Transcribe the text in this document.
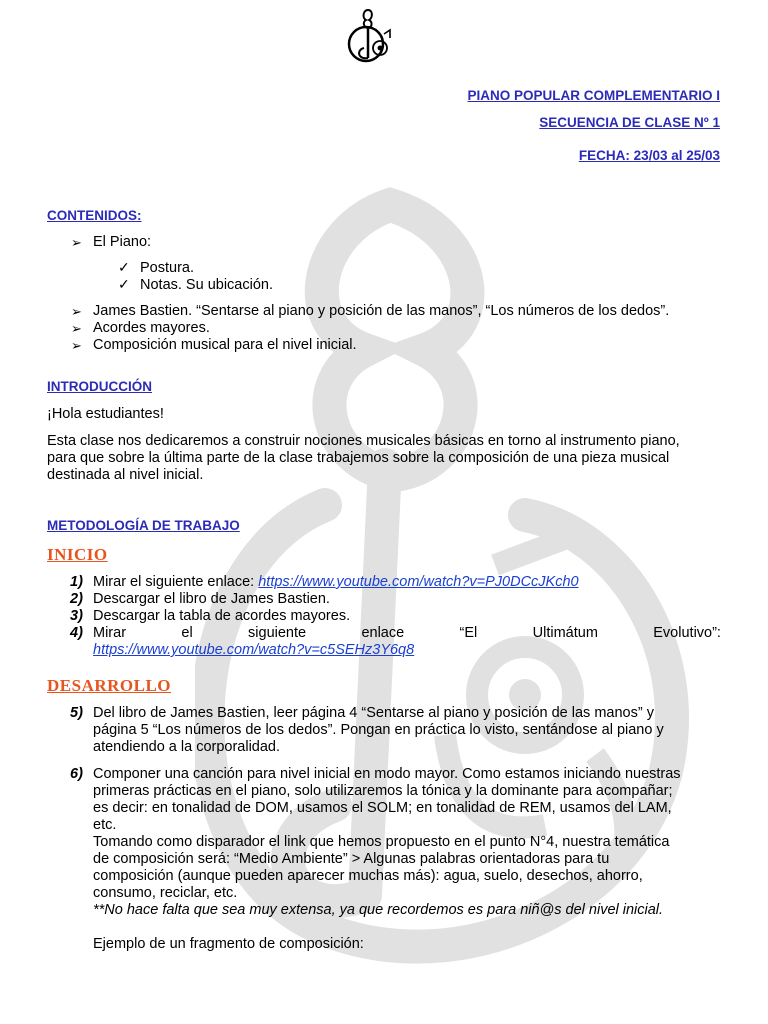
PIANO POPULAR COMPLEMENTARIO I
SECUENCIA DE CLASE Nº 1
FECHA: 23/03 al 25/03
CONTENIDOS:
➢ El Piano:
✓ Postura.
✓ Notas. Su ubicación.
➢ James Bastien. “Sentarse al piano y posición de las manos”, “Los números de los dedos”.
➢ Acordes mayores.
➢ Composición musical para el nivel inicial.
INTRODUCCIÓN
¡Hola estudiantes!
Esta clase nos dedicaremos a construir nociones musicales básicas en torno al instrumento piano,
para que sobre la última parte de la clase trabajemos sobre la composición de una pieza musical
destinada al nivel inicial.
METODOLOGÍA DE TRABAJO
INICIO
1) Mirar el siguiente enlace: https://www.youtube.com/watch?v=PJ0DCcJKch0
2) Descargar el libro de James Bastien.
3) Descargar la tabla de acordes mayores.
4) Mirar	el	siguiente	enlace	“El	Ultimátum	Evolutivo”:
https://www.youtube.com/watch?v=c5SEHz3Y6q8
DESARROLLO
5) Del libro de James Bastien, leer página 4 “Sentarse al piano y posición de las manos” y
página 5 “Los números de los dedos”. Pongan en práctica lo visto, sentándose al piano y
atendiendo a la corporalidad.
6) Componer una canción para nivel inicial en modo mayor. Como estamos iniciando nuestras
primeras prácticas en el piano, solo utilizaremos la tónica y la dominante para acompañar;
es decir: en tonalidad de DOM, usamos el SOLM; en tonalidad de REM, usamos del LAM,
etc.
Tomando como disparador el link que hemos propuesto en el punto N°4, nuestra temática
de composición será: “Medio Ambiente” > Algunas palabras orientadoras para tu
composición (aunque pueden aparecer muchas más): agua, suelo, desechos, ahorro,
consumo, reciclar, etc.
**No hace falta que sea muy extensa, ya que recordemos es para niñ@s del nivel inicial.
Ejemplo de un fragmento de composición:
